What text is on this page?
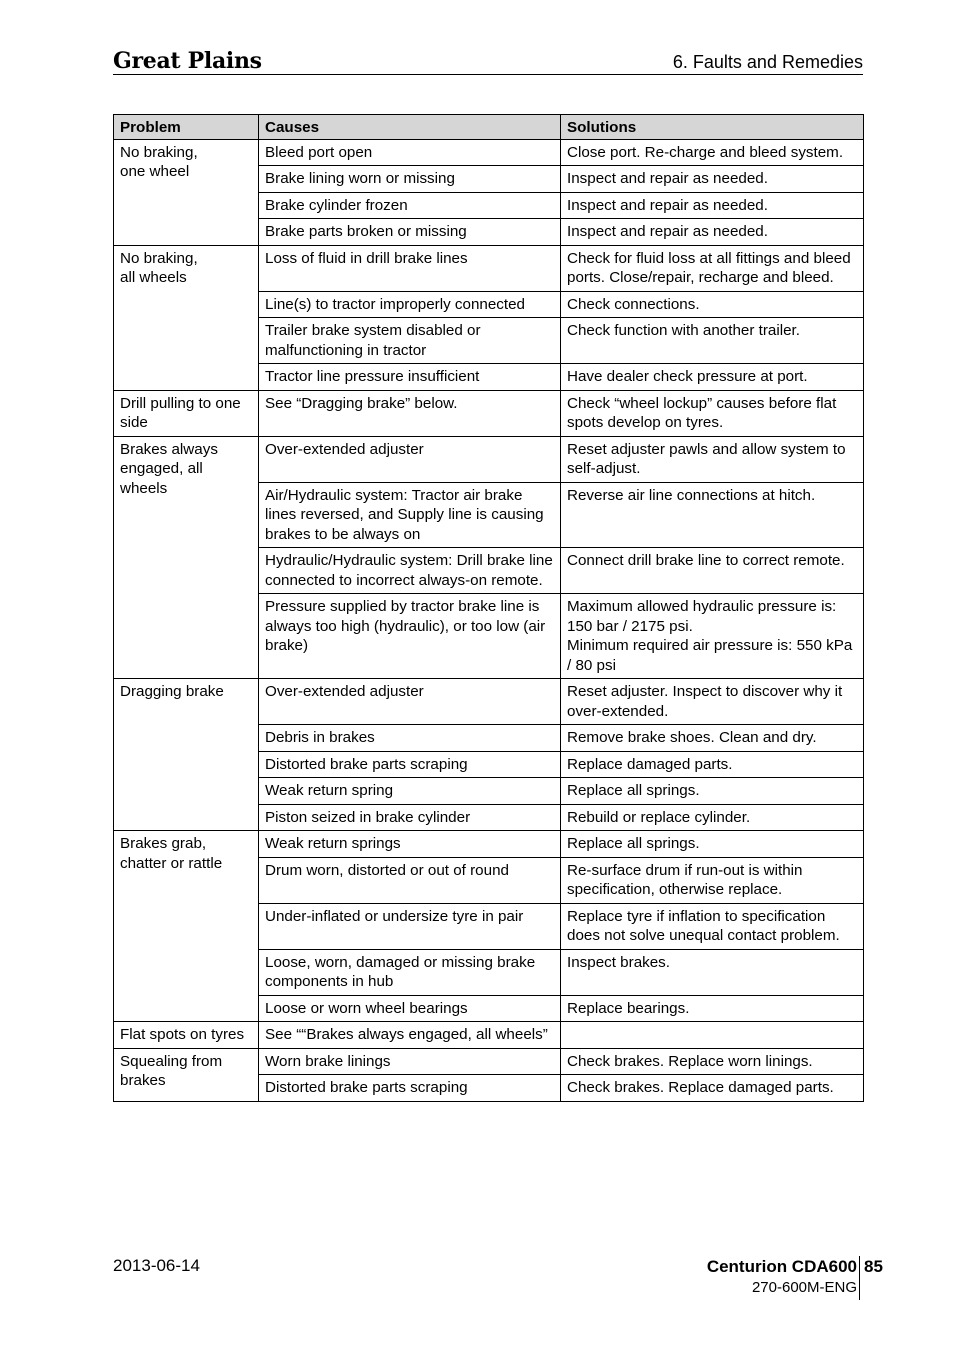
Great Plains	6. Faults and Remedies
Problem	Causes	Solutions
No braking,
one wheel	Bleed port open	Close port. Re-charge and bleed system.
	Brake lining worn or missing	Inspect and repair as needed.
	Brake cylinder frozen	Inspect and repair as needed.
	Brake parts broken or missing	Inspect and repair as needed.
No braking,
all wheels	Loss of fluid in drill brake lines	Check for fluid loss at all fittings and bleed ports. Close/repair, recharge and bleed.
	Line(s) to tractor improperly connected	Check connections.
	Trailer brake system disabled or malfunctioning in tractor	Check function with another trailer.
	Tractor line pressure insufficient	Have dealer check pressure at port.
Drill pulling to one side	See “Dragging brake” below.	Check “wheel lockup” causes before flat spots develop on tyres.
Brakes always engaged, all wheels	Over-extended adjuster	Reset adjuster pawls and allow system to self-adjust.
	Air/Hydraulic system: Tractor air brake lines reversed, and Supply line is causing brakes to be always on	Reverse air line connections at hitch.
	Hydraulic/Hydraulic system: Drill brake line connected to incorrect always-on remote.	Connect drill brake line to correct remote.
	Pressure supplied by tractor brake line is always too high (hydraulic), or too low (air brake)	Maximum allowed hydraulic pressure is: 150 bar / 2175 psi.
Minimum required air pressure is: 550 kPa / 80 psi
Dragging brake	Over-extended adjuster	Reset adjuster. Inspect to discover why it over-extended.
	Debris in brakes	Remove brake shoes. Clean and dry.
	Distorted brake parts scraping	Replace damaged parts.
	Weak return spring	Replace all springs.
	Piston seized in brake cylinder	Rebuild or replace cylinder.
Brakes grab,
chatter or rattle	Weak return springs	Replace all springs.
	Drum worn, distorted or out of round	Re-surface drum if run-out is within specification, otherwise replace.
	Under-inflated or undersize tyre in pair	Replace tyre if inflation to specification does not solve unequal contact problem.
	Loose, worn, damaged or missing brake components in hub	Inspect brakes.
	Loose or worn wheel bearings	Replace bearings.
Flat spots on tyres	See ““Brakes always engaged, all wheels”	
Squealing from brakes	Worn brake linings	Check brakes. Replace worn linings.
	Distorted brake parts scraping	Check brakes. Replace damaged parts.
2013-06-14	Centurion CDA600 85
270-600M-ENG
